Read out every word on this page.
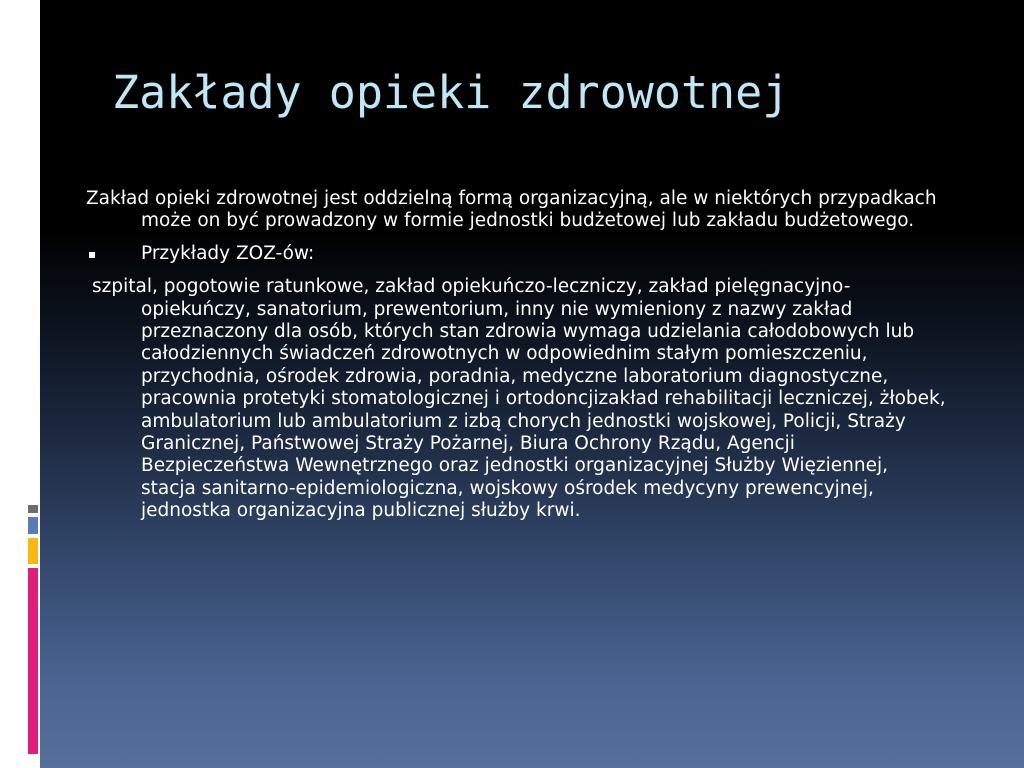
Zakłady opieki zdrowotnej

Zakład opieki zdrowotnej jest oddzielną formą organizacyjną, ale w niektórych przypadkach może on być prowadzony w formie jednostki budżetowej lub zakładu budżetowego.

▪ Przykłady ZOZ-ów:

szpital, pogotowie ratunkowe, zakład opiekuńczo-leczniczy, zakład pielęgnacyjno-opiekuńczy, sanatorium, prewentorium, inny nie wymieniony z nazwy zakład przeznaczony dla osób, których stan zdrowia wymaga udzielania całodobowych lub całodziennych świadczeń zdrowotnych w odpowiednim stałym pomieszczeniu, przychodnia, ośrodek zdrowia, poradnia, medyczne laboratorium diagnostyczne, pracownia protetyki stomatologicznej i ortodoncjizakład rehabilitacji leczniczej, żłobek, ambulatorium lub ambulatorium z izbą chorych jednostki wojskowej, Policji, Straży Granicznej, Państwowej Straży Pożarnej, Biura Ochrony Rządu, Agencji Bezpieczeństwa Wewnętrznego oraz jednostki organizacyjnej Służby Więziennej, stacja sanitarno-epidemiologiczna, wojskowy ośrodek medycyny prewencyjnej, jednostka organizacyjna publicznej służby krwi.
